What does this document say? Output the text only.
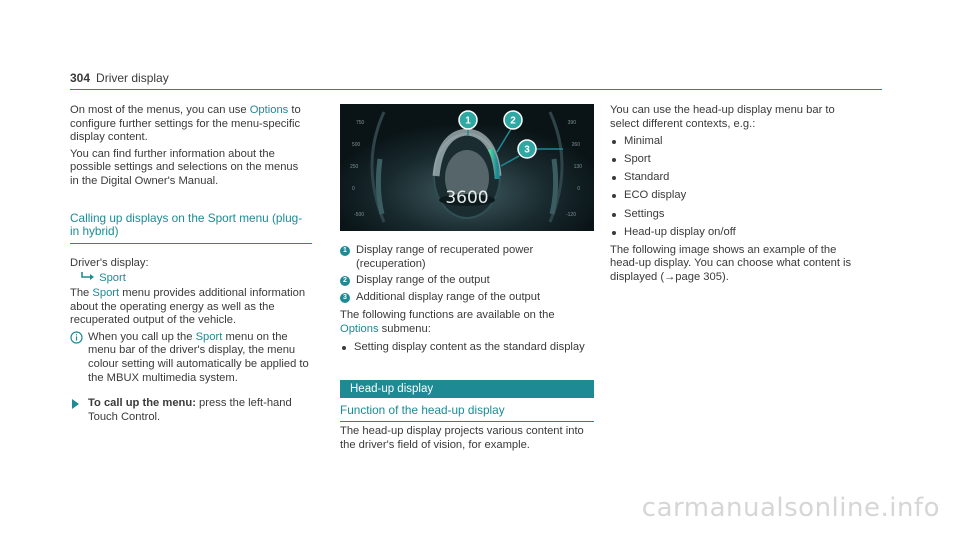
304 Driver display

On most of the menus, you can use Options to configure further settings for the menu-specific display content.

You can find further information about the possible settings and selections on the menus in the Digital Owner's Manual.

Calling up displays on the Sport menu (plug-in hybrid)

Driver's display:

Sport

The Sport menu provides additional information about the operating energy as well as the recuperated output of the vehicle.

When you call up the Sport menu on the menu bar of the driver's display, the menu colour setting will automatically be applied to the MBUX multimedia system.

To call up the menu: press the left-hand Touch Control.

1	2
3
750
500
250
0
-500
390
260
130
0
-120
3600
1 Display range of recuperated power (recuperation)

2 Display range of the output

3 Additional display range of the output

The following functions are available on the Options submenu:

Setting display content as the standard display
Head-up display
Function of the head-up display

The head-up display projects various content into the driver's field of vision, for example.

You can use the head-up display menu bar to select different contexts, e.g.:

Minimal
Sport
Standard
ECO display
Settings
Head-up display on/off

The following image shows an example of the head-up display. You can choose what content is displayed (→page 305).

carmanualsonline.info
